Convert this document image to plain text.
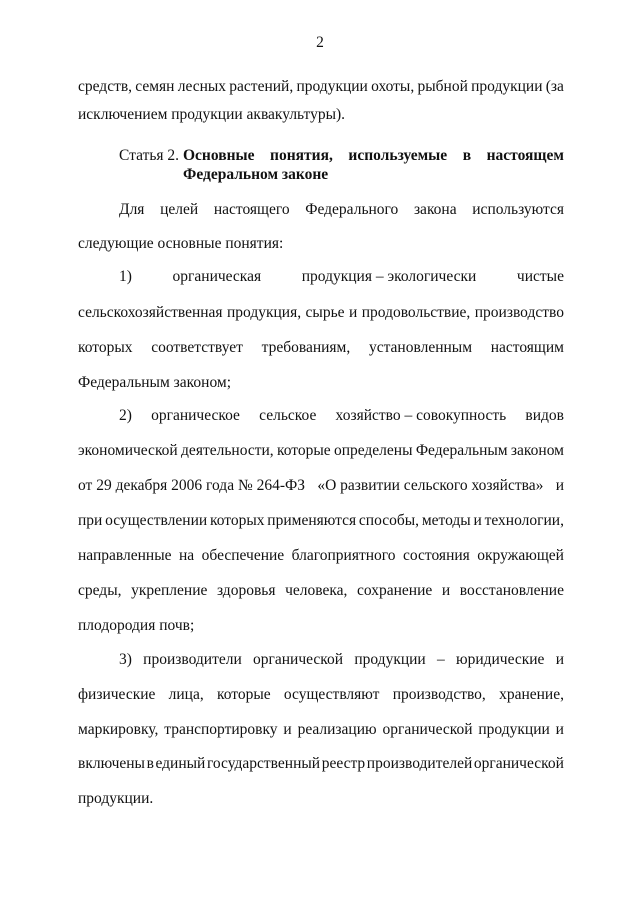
2
средств, семян лесных растений, продукции охоты, рыбной продукции (за
исключением продукции аквакультуры).
Статья 2. Основные понятия, используемые в настоящем
Федеральном законе
Для целей настоящего Федерального закона используются
следующие основные понятия:
1)	органическая	продукция – экологически	чистые
сельскохозяйственная продукция, сырье и продовольствие, производство
которых соответствует требованиям, установленным настоящим
Федеральным законом;
2) органическое сельское хозяйство – совокупность видов
экономической деятельности, которые определены Федеральным законом
от 29 декабря 2006 года № 264-ФЗ «О развитии сельского хозяйства» и
при осуществлении которых применяются способы, методы и технологии,
направленные на обеспечение благоприятного состояния окружающей
среды, укрепление здоровья человека, сохранение и восстановление
плодородия почв;
3) производители органической продукции – юридические и
физические лица, которые осуществляют производство, хранение,
маркировку, транспортировку и реализацию органической продукции и
включены в единый государственный реестр производителей органической
продукции.
